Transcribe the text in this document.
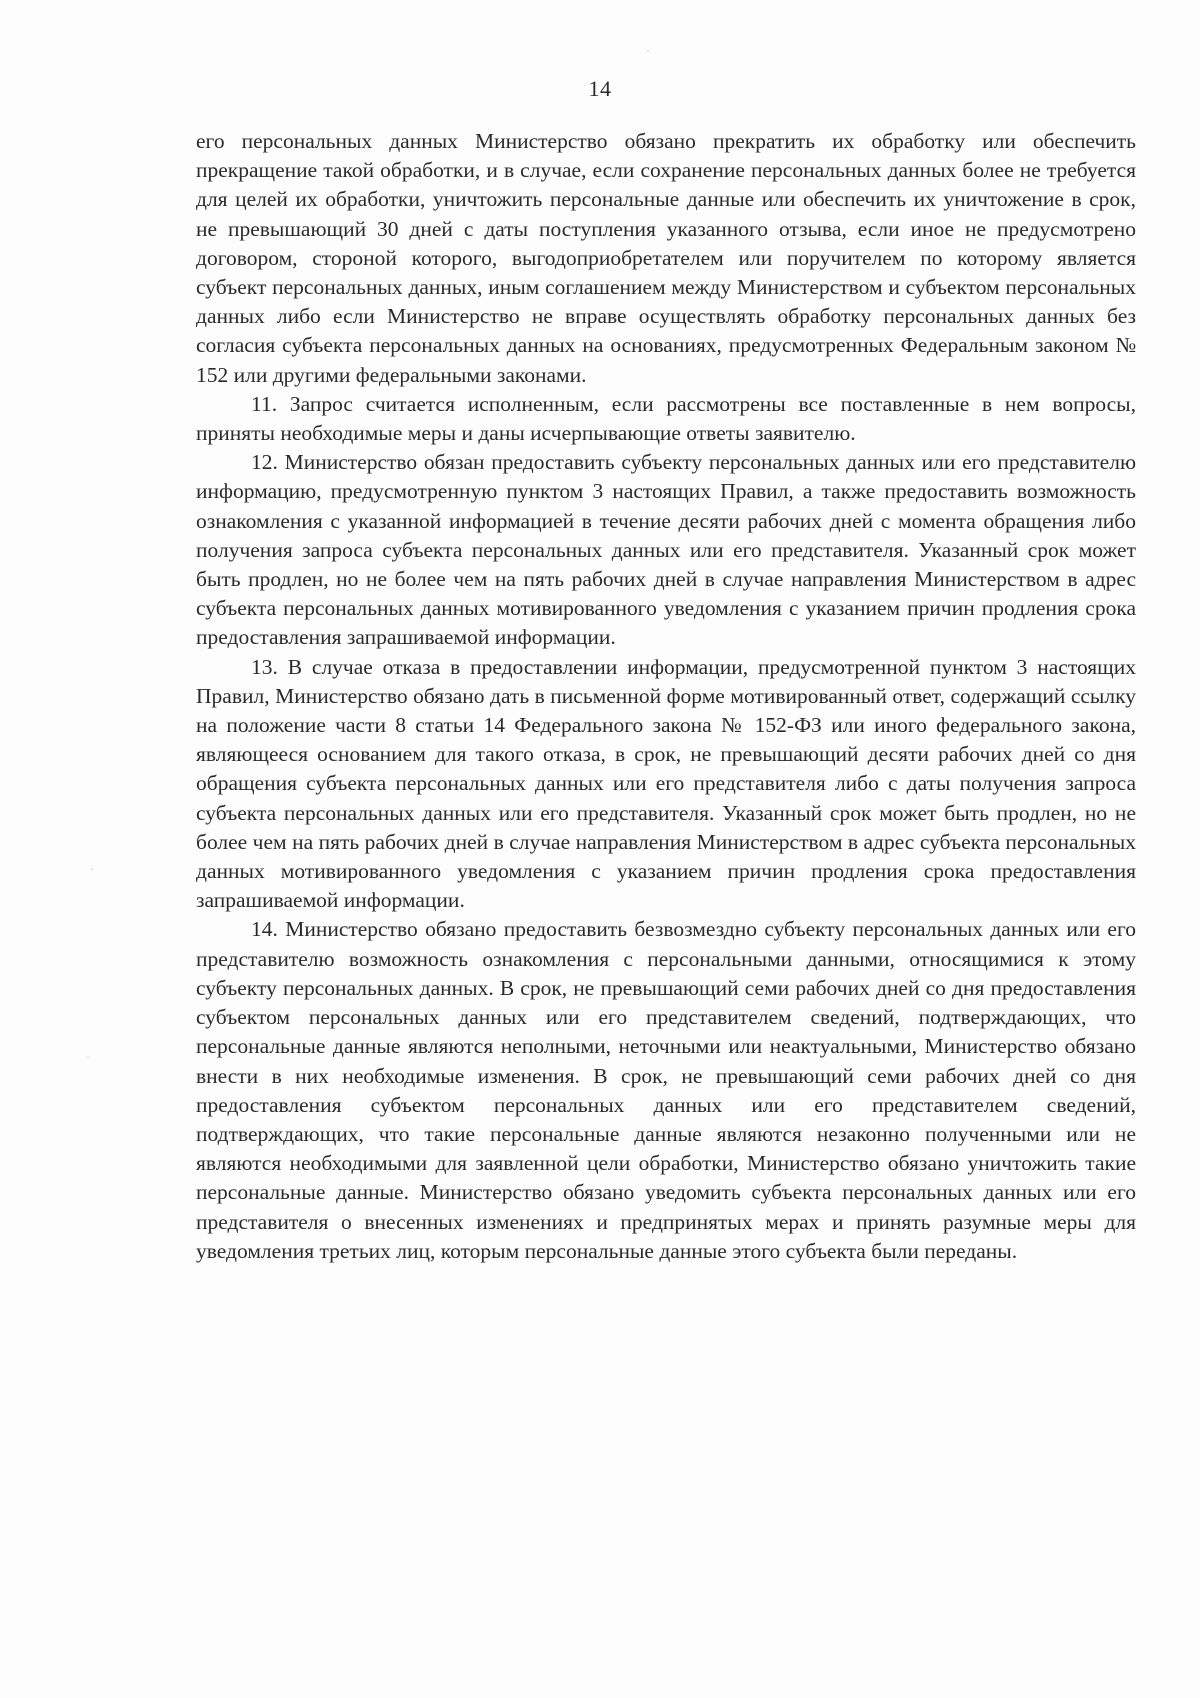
·
·
·
14

его персональных данных Министерство обязано прекратить их обработку или обеспечить прекращение такой обработки, и в случае, если сохранение персональных данных более не требуется для целей их обработки, уничтожить персональные данные или обеспечить их уничтожение в срок, не превышающий 30 дней с даты поступления указанного отзыва, если иное не предусмотрено договором, стороной которого, выгодоприобретателем или поручителем по которому является субъект персональных данных, иным соглашением между Министерством и субъектом персональных данных либо если Министерство не вправе осуществлять обработку персональных данных без согласия субъекта персональных данных на основаниях, предусмотренных Федеральным законом № 152 или другими федеральными законами.

11. Запрос считается исполненным, если рассмотрены все поставленные в нем вопросы, приняты необходимые меры и даны исчерпывающие ответы заявителю.

12. Министерство обязан предоставить субъекту персональных данных или его представителю информацию, предусмотренную пунктом 3 настоящих Правил, а также предоставить возможность ознакомления с указанной информацией в течение десяти рабочих дней с момента обращения либо получения запроса субъекта персональных данных или его представителя. Указанный срок может быть продлен, но не более чем на пять рабочих дней в случае направления Министерством в адрес субъекта персональных данных мотивированного уведомления с указанием причин продления срока предоставления запрашиваемой информации.

13. В случае отказа в предоставлении информации, предусмотренной пунктом 3 настоящих Правил, Министерство обязано дать в письменной форме мотивированный ответ, содержащий ссылку на положение части 8 статьи 14 Федерального закона № 152-ФЗ или иного федерального закона, являющееся основанием для такого отказа, в срок, не превышающий десяти рабочих дней со дня обращения субъекта персональных данных или его представителя либо с даты получения запроса субъекта персональных данных или его представителя. Указанный срок может быть продлен, но не более чем на пять рабочих дней в случае направления Министерством в адрес субъекта персональных данных мотивированного уведомления с указанием причин продления срока предоставления запрашиваемой информации.

14. Министерство обязано предоставить безвозмездно субъекту персональных данных или его представителю возможность ознакомления с персональными данными, относящимися к этому субъекту персональных данных. В срок, не превышающий семи рабочих дней со дня предоставления субъектом персональных данных или его представителем сведений, подтверждающих, что персональные данные являются неполными, неточными или неактуальными, Министерство обязано внести в них необходимые изменения. В срок, не превышающий семи рабочих дней со дня предоставления субъектом персональных данных или его представителем сведений, подтверждающих, что такие персональные данные являются незаконно полученными или не являются необходимыми для заявленной цели обработки, Министерство обязано уничтожить такие персональные данные. Министерство обязано уведомить субъекта персональных данных или его представителя о внесенных изменениях и предпринятых мерах и принять разумные меры для уведомления третьих лиц, которым персональные данные этого субъекта были переданы.
